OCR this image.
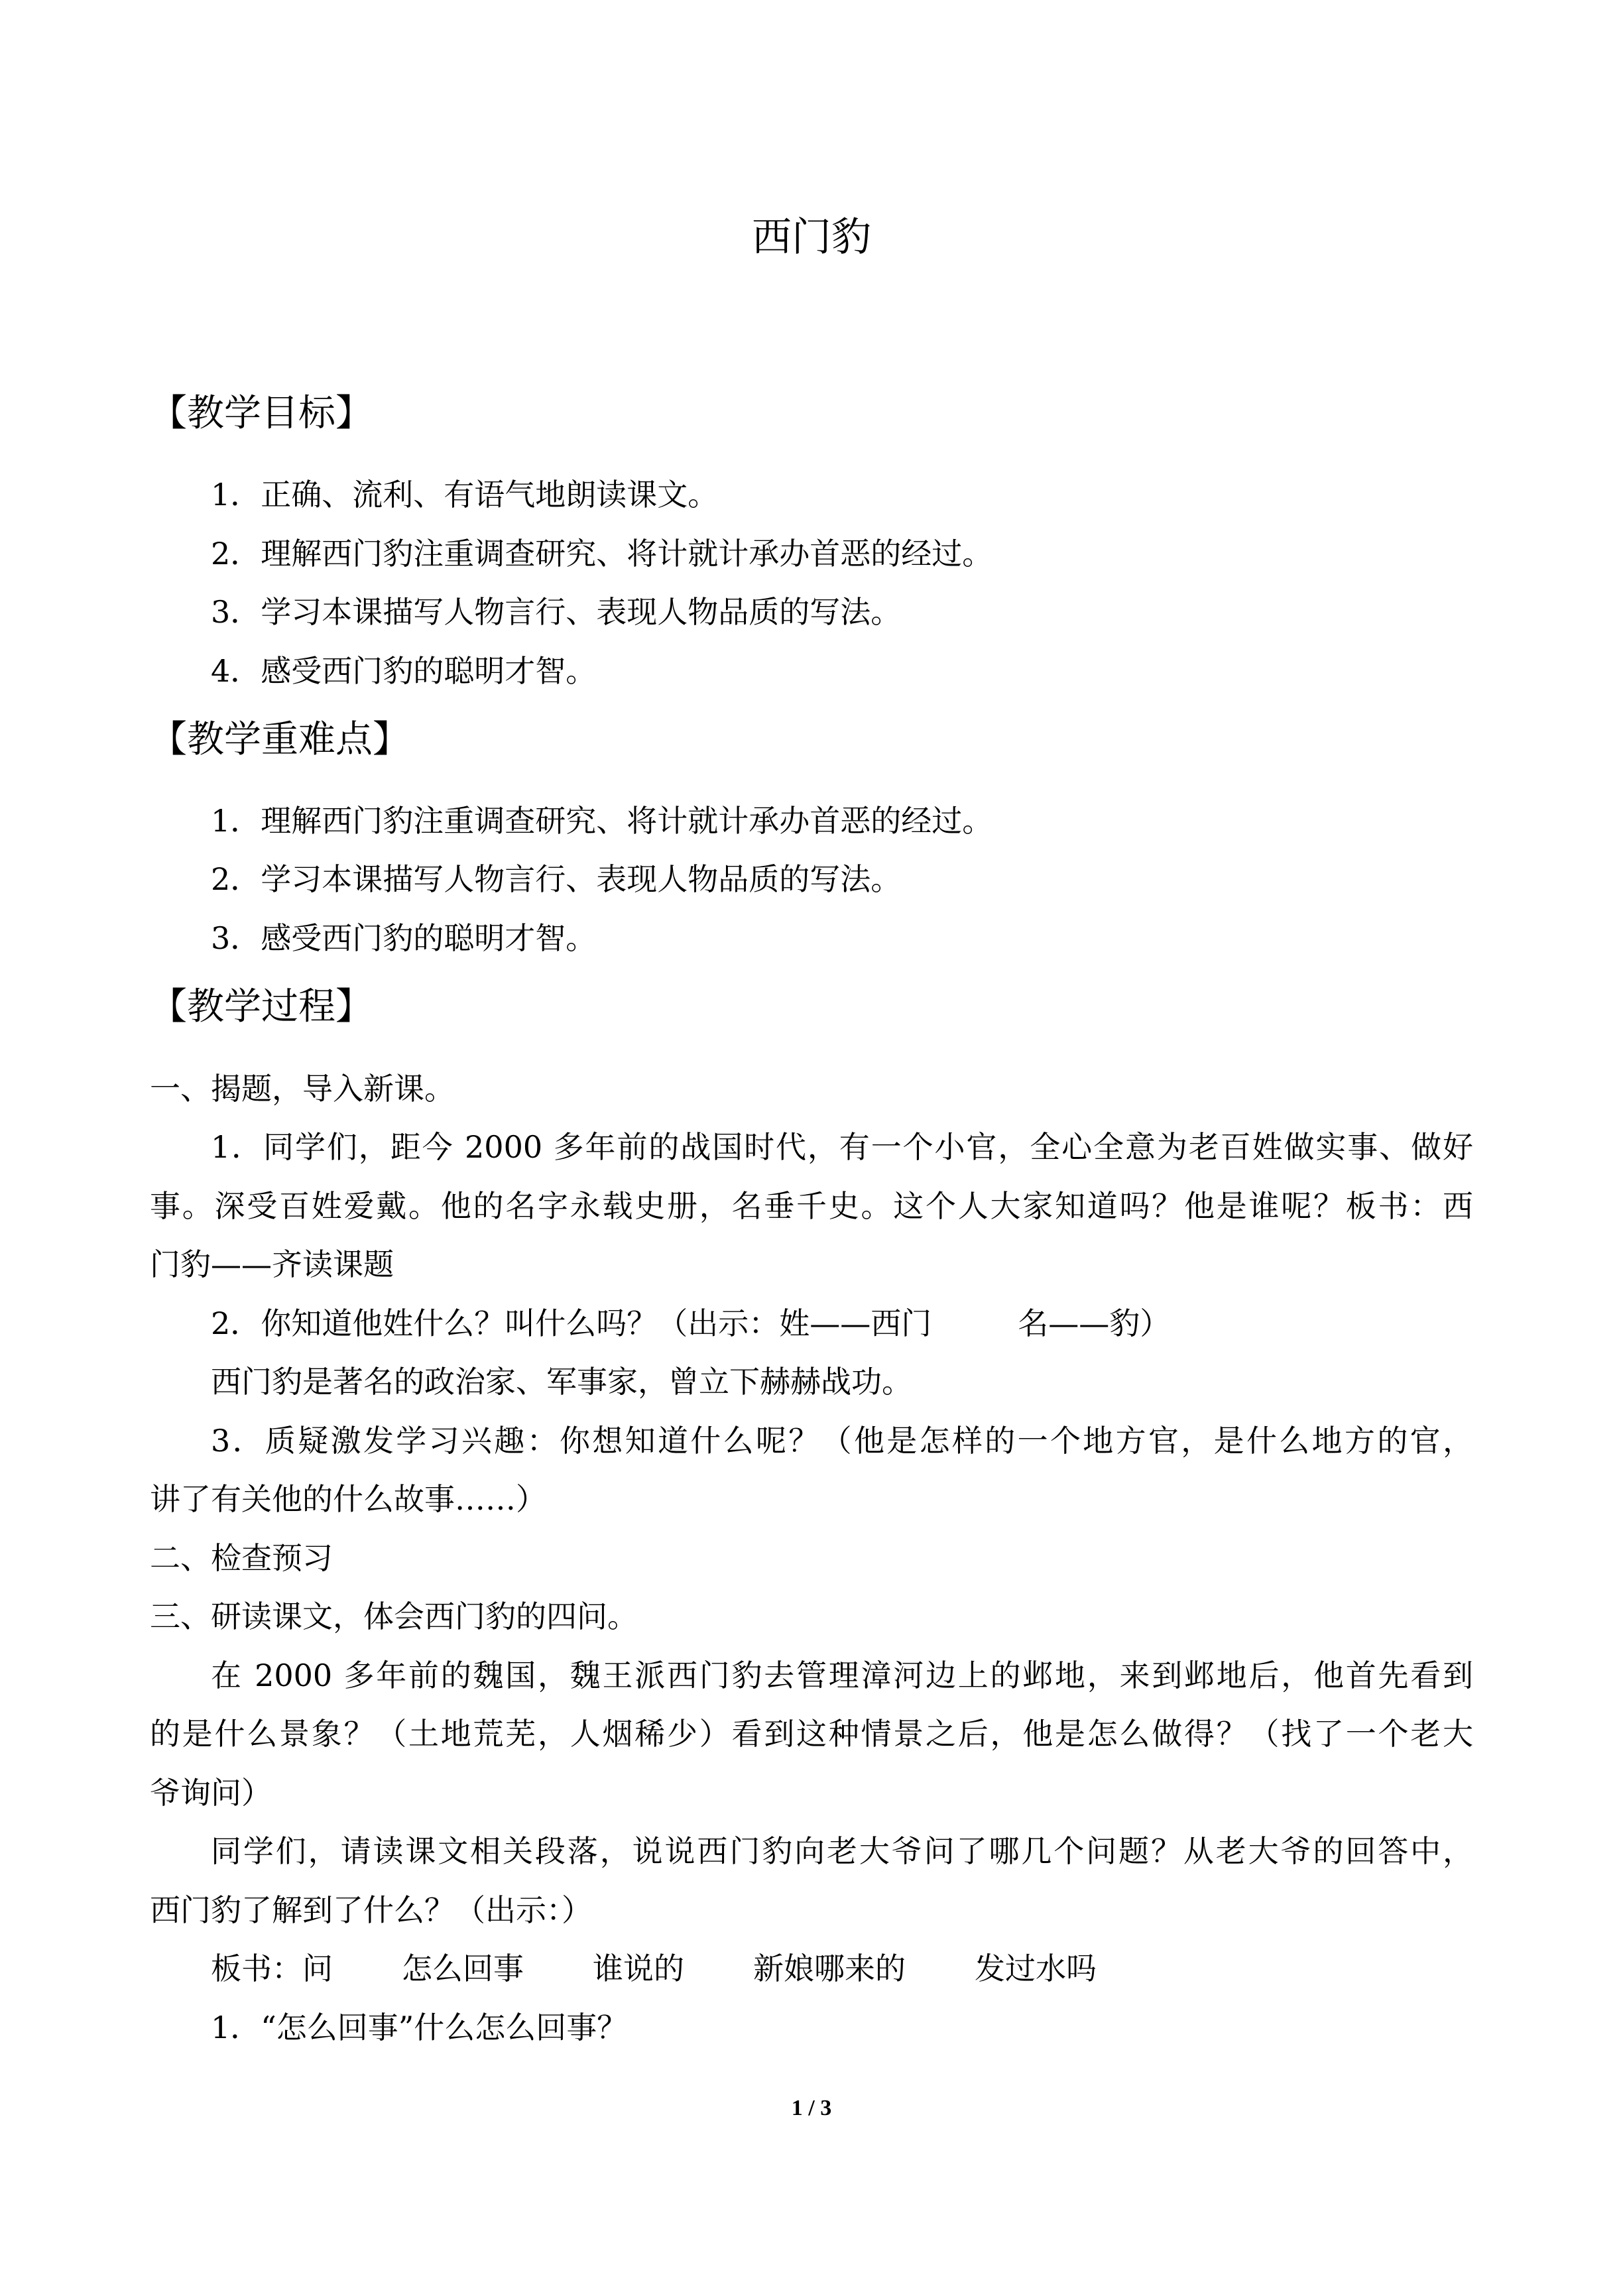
西门豹
【教学目标】
1．正确、流利、有语气地朗读课文。
2．理解西门豹注重调查研究、将计就计承办首恶的经过。
3．学习本课描写人物言行、表现人物品质的写法。
4．感受西门豹的聪明才智。
【教学重难点】
1．理解西门豹注重调查研究、将计就计承办首恶的经过。
2．学习本课描写人物言行、表现人物品质的写法。
3．感受西门豹的聪明才智。
【教学过程】
一、揭题，导入新课。
1．同学们，距今 2000 多年前的战国时代，有一个小官，全心全意为老百姓做实事、做好
事。深受百姓爱戴。他的名字永载史册，名垂千史。这个人大家知道吗？他是谁呢？板书：西
门豹——齐读课题
2．你知道他姓什么？叫什么吗？（出示：姓——西门	名——豹）
西门豹是著名的政治家、军事家，曾立下赫赫战功。
3．质疑激发学习兴趣：你想知道什么呢？（他是怎样的一个地方官，是什么地方的官，
讲了有关他的什么故事……）
二、检查预习
三、研读课文，体会西门豹的四问。
在 2000 多年前的魏国，魏王派西门豹去管理漳河边上的邺地，来到邺地后，他首先看到
的是什么景象？（土地荒芜，人烟稀少）看到这种情景之后，他是怎么做得？（找了一个老大
爷询问）
同学们，请读课文相关段落，说说西门豹向老大爷问了哪几个问题？从老大爷的回答中，
西门豹了解到了什么？（出示：）
板书：问 怎么回事 谁说的 新娘哪来的 发过水吗
1．“怎么回事”什么怎么回事？
1 / 3
